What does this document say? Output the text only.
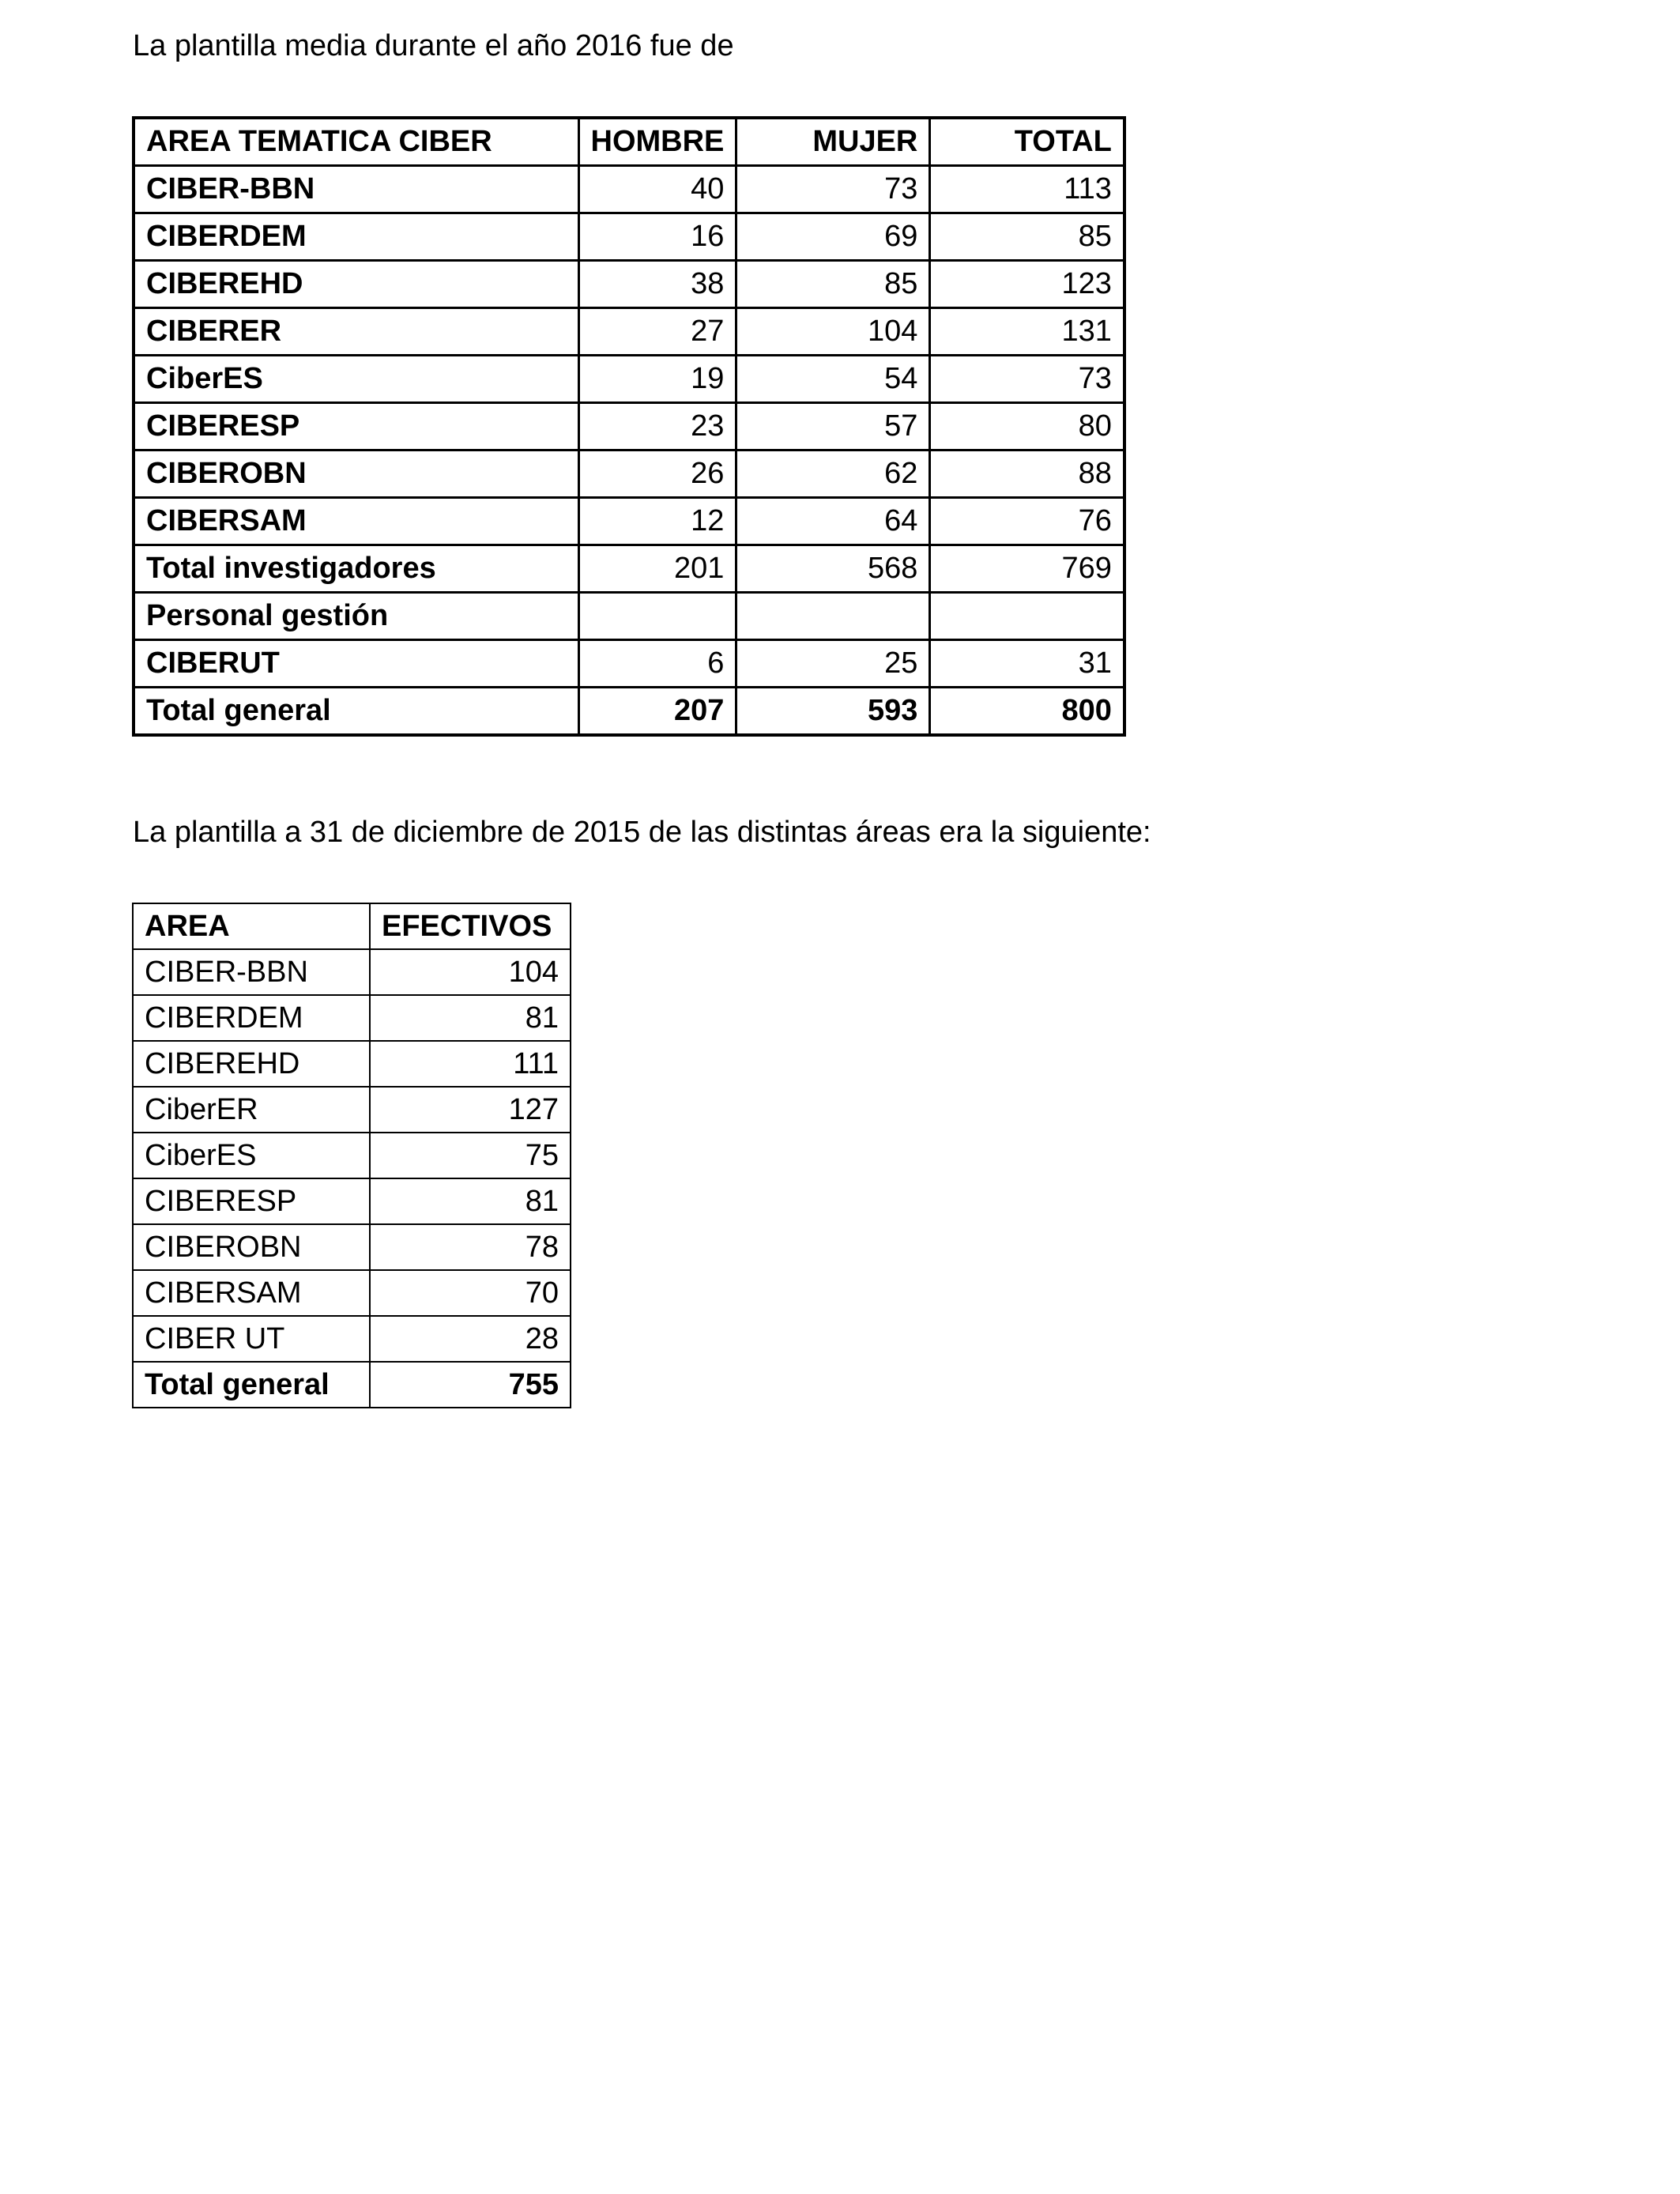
La plantilla media durante el año 2016 fue de

AREA TEMATICA CIBER	HOMBRE	MUJER	TOTAL
CIBER-BBN	40	73	113
CIBERDEM	16	69	85
CIBEREHD	38	85	123
CIBERER	27	104	131
CiberES	19	54	73
CIBERESP	23	57	80
CIBEROBN	26	62	88
CIBERSAM	12	64	76
Total investigadores	201	568	769
Personal gestión			
CIBERUT	6	25	31
Total general	207	593	800

La plantilla a 31 de diciembre de 2015 de las distintas áreas era la siguiente:

AREA	EFECTIVOS
CIBER-BBN	104
CIBERDEM	81
CIBEREHD	111
CiberER	127
CiberES	75
CIBERESP	81
CIBEROBN	78
CIBERSAM	70
CIBER UT	28
Total general	755
